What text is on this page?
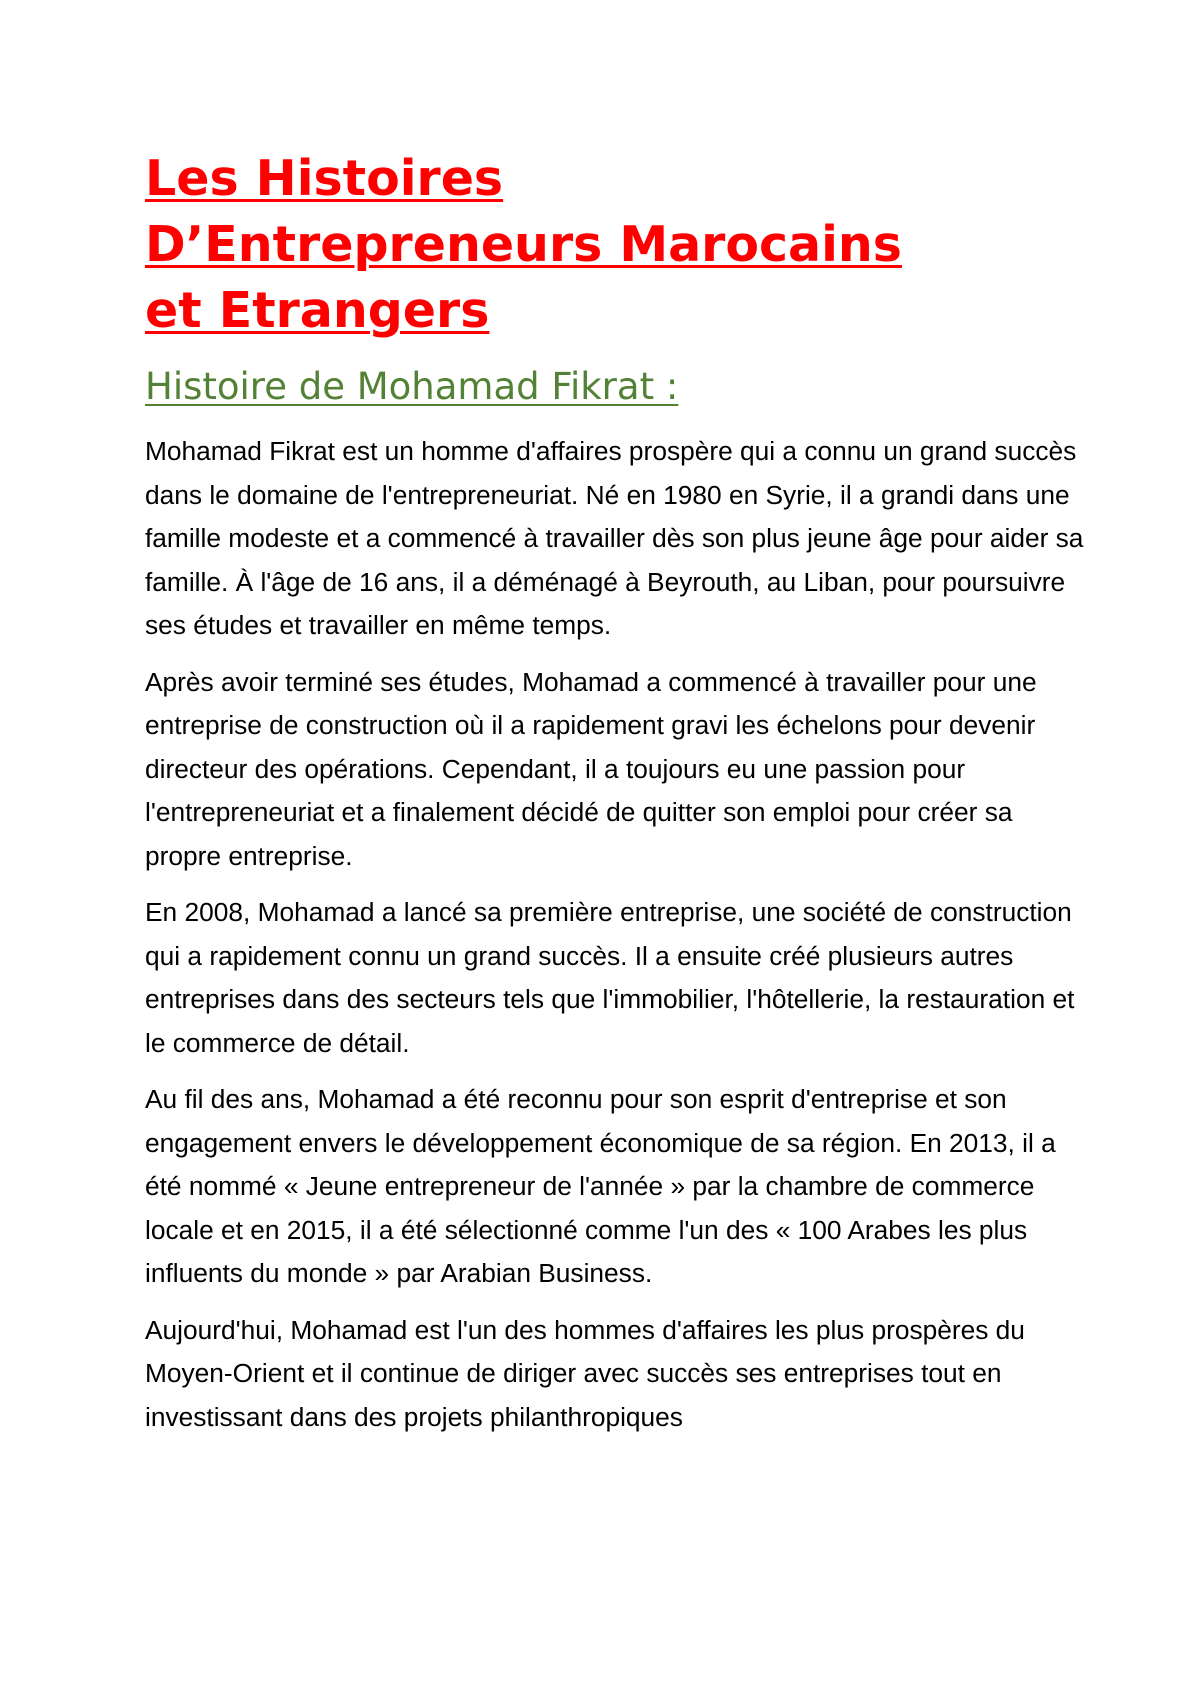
Les Histoires
D’Entrepreneurs Marocains
et Etrangers
Histoire de Mohamad Fikrat :

Mohamad Fikrat est un homme d'affaires prospère qui a connu un grand succès dans le domaine de l'entrepreneuriat. Né en 1980 en Syrie, il a grandi dans une famille modeste et a commencé à travailler dès son plus jeune âge pour aider sa famille. À l'âge de 16 ans, il a déménagé à Beyrouth, au Liban, pour poursuivre ses études et travailler en même temps.

Après avoir terminé ses études, Mohamad a commencé à travailler pour une entreprise de construction où il a rapidement gravi les échelons pour devenir directeur des opérations. Cependant, il a toujours eu une passion pour l'entrepreneuriat et a finalement décidé de quitter son emploi pour créer sa propre entreprise.

En 2008, Mohamad a lancé sa première entreprise, une société de construction qui a rapidement connu un grand succès. Il a ensuite créé plusieurs autres entreprises dans des secteurs tels que l'immobilier, l'hôtellerie, la restauration et le commerce de détail.

Au fil des ans, Mohamad a été reconnu pour son esprit d'entreprise et son engagement envers le développement économique de sa région. En 2013, il a été nommé « Jeune entrepreneur de l'année » par la chambre de commerce locale et en 2015, il a été sélectionné comme l'un des « 100 Arabes les plus influents du monde » par Arabian Business.

Aujourd'hui, Mohamad est l'un des hommes d'affaires les plus prospères du Moyen-Orient et il continue de diriger avec succès ses entreprises tout en investissant dans des projets philanthropiques
